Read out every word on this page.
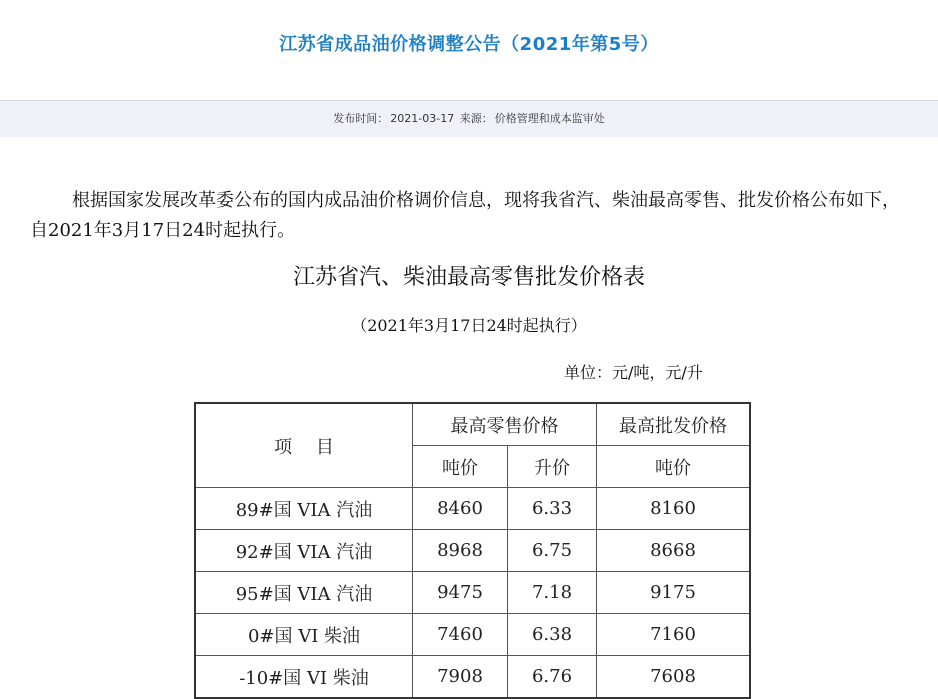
江苏省成品油价格调整公告（2021年第5号）
发布时间： 2021-03-17 来源： 价格管理和成本监审处
根据国家发展改革委公布的国内成品油价格调价信息，现将我省汽、柴油最高零售、批发价格公布如下，自2021年3月17日24时起执行。
江苏省汽、柴油最高零售批发价格表
（2021年3月17日24时起执行）
单位：元/吨，元/升
项　 目	最高零售价格		最高批发价格
	吨价	升价	吨价
89#国 VIA 汽油	8460	6.33	8160
92#国 VIA 汽油	8968	6.75	8668
95#国 VIA 汽油	9475	7.18	9175
0#国 VI 柴油	7460	6.38	7160
-10#国 VI 柴油	7908	6.76	7608
